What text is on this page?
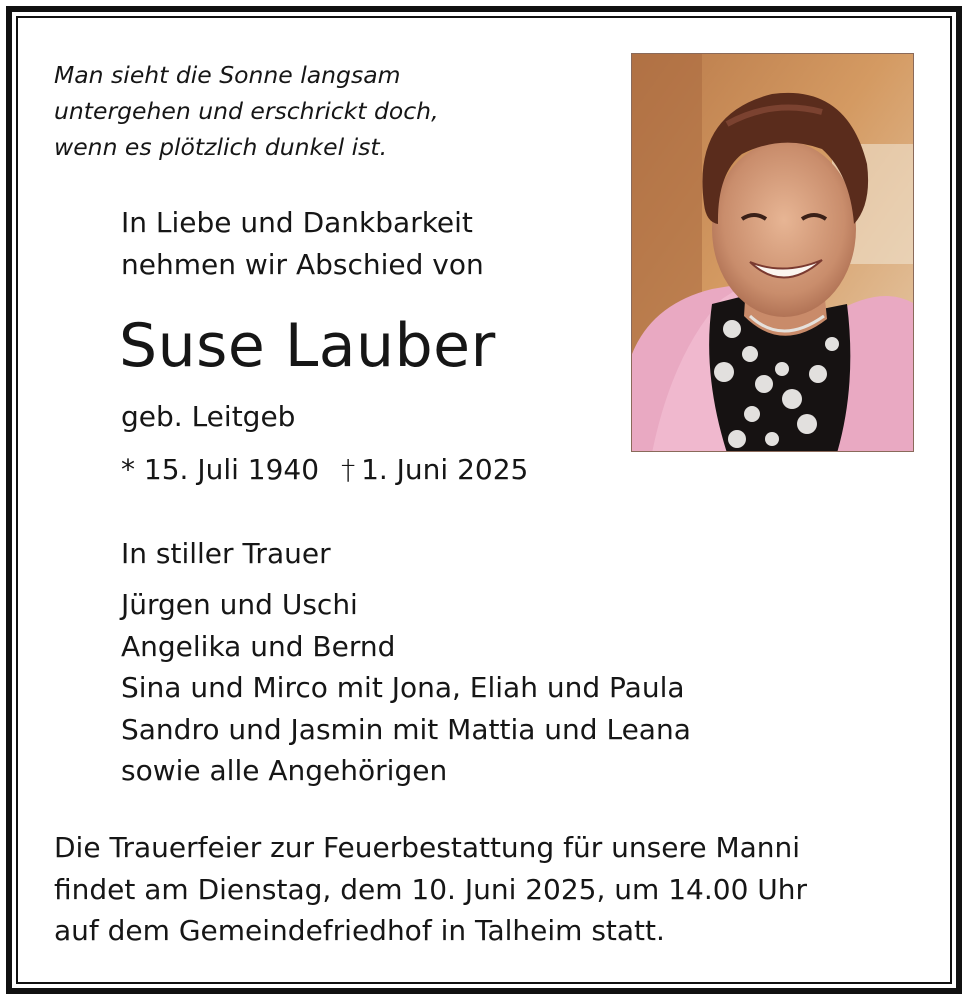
Man sieht die Sonne langsam
untergehen und erschrickt doch,
wenn es plötzlich dunkel ist.
In Liebe und Dankbarkeit
nehmen wir Abschied von
Suse Lauber
geb. Leitgeb
* 15. Juli 1940 † 1. Juni 2025
In stiller Trauer
Jürgen und Uschi
Angelika und Bernd
Sina und Mirco mit Jona, Eliah und Paula
Sandro und Jasmin mit Mattia und Leana
sowie alle Angehörigen
Die Trauerfeier zur Feuerbestattung für unsere Manni
findet am Dienstag, dem 10. Juni 2025, um 14.00 Uhr
auf dem Gemeindefriedhof in Talheim statt.
